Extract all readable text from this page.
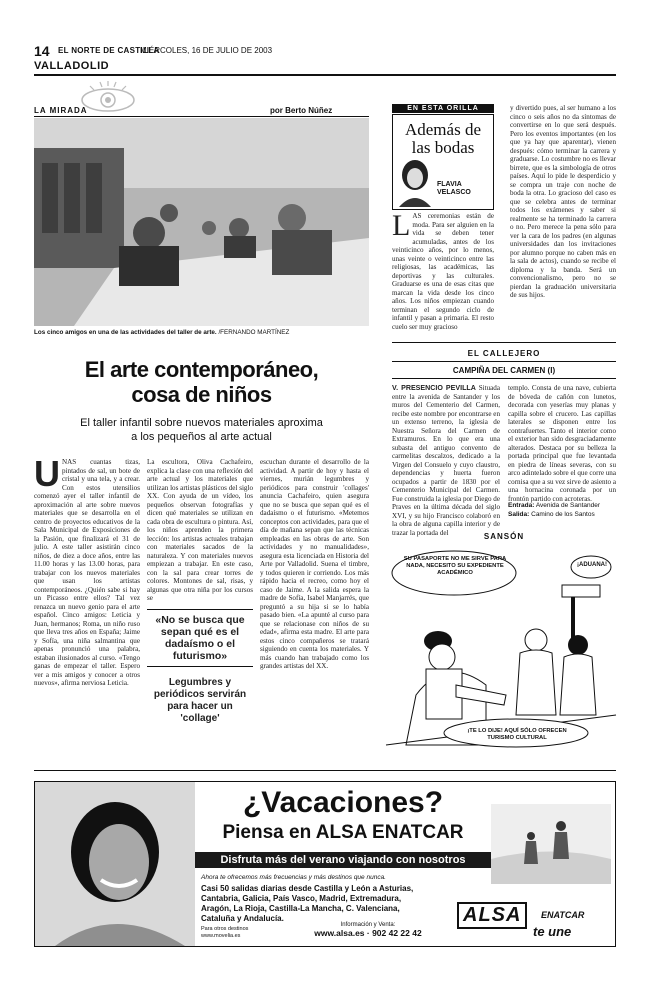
14 EL NORTE DE CASTILLA
MIÉRCOLES, 16 DE JULIO DE 2003
VALLADOLID
LA MIRADA	por Berto Núñez
Los cinco amigos en una de las actividades del taller de arte. /FERNANDO MARTÍNEZ
El arte contemporáneo,
cosa de niños
El taller infantil sobre nuevos materiales aproxima
a los pequeños al arte actual
U NAS cuantas tizas, pintados de sal, un bote de cristal y una tela, y a crear. Con estos utensilios comenzó ayer el taller infantil de aproximación al arte sobre nuevos materiales que se desarrolla en el centro de proyectos educativos de la Sala Municipal de Exposiciones de la Pasión, que finalizará el 31 de julio. A este taller asistirán cinco niños, de diez a doce años, entre las 11.00 horas y las 13.00 horas, para trabajar con los nuevos materiales que usan los artistas contemporáneos. ¿Quién sabe si hay un Picasso entre ellos? Tal vez renazca un nuevo genio para el arte español. Cinco amigos: Leticia y Juan, hermanos; Roma, un niño ruso que lleva tres años en España; Jaime y Sofía, una niña salmantina que apenas pronunció una palabra, estaban ilusionados al curso. «Tengo ganas de empezar el taller. Espero ver a mis amigos y conocer a otros nuevos», afirma nerviosa Leticia.

La escultora, Oliva Cachafeiro, explica la clase con una reflexión del arte actual y los materiales que utilizan los artistas plásticos del siglo XX. Con ayuda de un vídeo, los pequeños observan fotografías y dicen qué materiales se utilizan en cada obra de escultura o pintura. Así, los niños aprenden la primera lección: los artistas actuales trabajan con materiales sacados de la naturaleza. Y con materiales nuevos empiezan a trabajar. En este caso, con la sal para crear torres de colores. Montones de sal, risas, y algunas que otra niña por los cursos se

«No se busca que sepan qué es el dadaísmo o el futurismo»
Legumbres y periódicos servirán para hacer un 'collage'
escuchan durante el desarrollo de la actividad. A partir de hoy y hasta el viernes, murián legumbres y periódicos para construir 'collages' anuncia Cachafeiro, quien asegura que no se busca que sepan qué es el dadaísmo o el futurismo. «Metemos conceptos con actividades, para que el día de mañana sepan que las técnicas empleadas en las obras de arte. Son actividades y no manualidades», asegura esta licenciada en Historia del Arte por Valladolid. Suena el timbre, y todos quieren ir corriendo. Los más rápido hacia el recreo, como hoy el caso de Jaime. A la salida espera la madre de Sofía, Isabel Manjarrés, que preguntó a su hija si se lo había pasado bien. «La apunté al curso para que se relacionase con niños de su edad», afirma esta madre. El arte para estos cinco compañeros se tratará siguiendo en cuenta los materiales. Y más cuando han trabajado como los grandes artistas del XX.
EN ESTA ORILLA
Además de
las bodas
FLAVIA
VELASCO
L AS ceremonias están de moda. Para ser alguien en la vida se deben tener acumuladas, antes de los veinticinco años, por lo menos, unas veinte o veinticinco entre las religiosas, las académicas, las deportivas y las culturales. Graduarse es una de esas citas que marcan la vida desde los cinco años. Los niños empiezan cuando terminan el segundo ciclo de infantil y pasan a primaria. El resto cuelo ser muy gracioso
y divertido pues, al ser humano a los cinco o seis años no da síntomas de convertirse en lo que será después. Pero los eventos importantes (en los que ya hay que aparentar), vienen después: cómo terminar la carrera y graduarse. Lo costumbre no es llevar birrete, que es la simbología de otros países. Aquí lo pide le desperdicio y se compra un traje con noche de boda la otra. Lo gracioso del caso es que se celebra antes de terminar todos los exámenes y saber si realmente se ha terminado la carrera o no. Pero merece la pena sólo para ver la cara de los padres (en algunas universidades dan los invitaciones por alumno porque no caben más en la sala de actos), cuando se recibe el diploma y la banda. Será un convencionalismo, pero no se pierdan la graduación universitaria de sus hijos.
EL CALLEJERO
CAMPIÑA DEL CARMEN (I)
V. PRESENCIO PEVILLA Situada entre la avenida de Santander y los muros del Cementerio del Carmen, recibe este nombre por encontrarse en un extenso terreno, la iglesia de Nuestra Señora del Carmen de Extramuros. En lo que era una subasta del antiguo convento de carmelitas descalzos, dedicado a la Virgen del Consuelo y cuyo claustro, dependencias y huerta fueron ocupados a partir de 1830 por el Cementerio Municipal del Carmen. Fue construida la iglesia por Diego de Praves en la última década del siglo XVI, y su hijo Francisco colaboró en la obra de alguna capilla interior y de trazar la portada del
templo. Consta de una nave, cubierta de bóveda de cañón con lunetos, decorada con yeserías muy planas y capilla sobre el crucero. Las capillas laterales se disponen entre los contrafuertes. Tanto el interior como el exterior han sido desgraciadamente alterados. Destaca por su belleza la portada principal que fue levantada en piedra de líneas severas, con su arco adintelado sobre el que corre una cornisa que a su vez sirve de asiento a una hornacina coronada por un frontón partido con acroteras.
Entrada: Avenida de Santander
Salida: Camino de los Santos
SANSÓN
SU PASAPORTE NO ME SIRVE PARA NADA, NECESITO SU EXPEDIENTE ACADÉMICO
¡ADUANA!
¡TE LO DIJE! AQUÍ SÓLO OFRECEN TURISMO CULTURAL
¿Vacaciones?
Piensa en ALSA ENATCAR
Disfruta más del verano viajando con nosotros
Ahora te ofrecemos más frecuencias y más destinos que nunca.
Casi 50 salidas diarias desde Castilla y León a Asturias,
Cantabria, Galicia, País Vasco, Madrid, Extremadura,
Aragón, La Rioja, Castilla-La Mancha, C. Valenciana,
Cataluña y Andalucía.
Para otros destinos
www.movelia.es
Información y Venta:
www.alsa.es · 902 42 22 42
ALSA	ENATCAR
te une
